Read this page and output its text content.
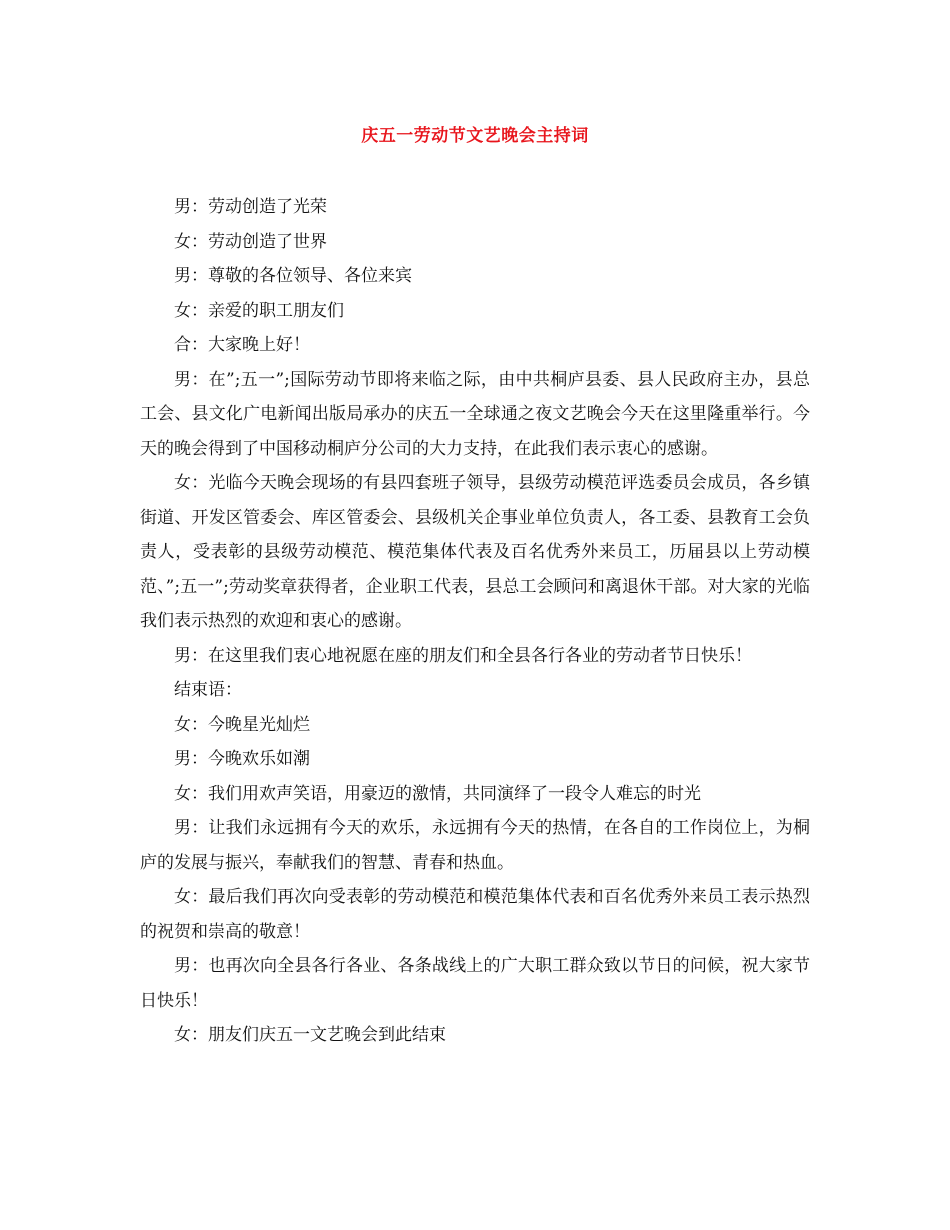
庆五一劳动节文艺晚会主持词

男：劳动创造了光荣

女：劳动创造了世界

男：尊敬的各位领导、各位来宾

女：亲爱的职工朋友们

合：大家晚上好！

男：在”;五一”;国际劳动节即将来临之际，由中共桐庐县委、县人民政府主办，县总工会、县文化广电新闻出版局承办的庆五一全球通之夜文艺晚会今天在这里隆重举行。今天的晚会得到了中国移动桐庐分公司的大力支持，在此我们表示衷心的感谢。

女：光临今天晚会现场的有县四套班子领导，县级劳动模范评选委员会成员，各乡镇街道、开发区管委会、库区管委会、县级机关企事业单位负责人，各工委、县教育工会负责人，受表彰的县级劳动模范、模范集体代表及百名优秀外来员工，历届县以上劳动模范、”;五一”;劳动奖章获得者，企业职工代表，县总工会顾问和离退休干部。对大家的光临我们表示热烈的欢迎和衷心的感谢。

男：在这里我们衷心地祝愿在座的朋友们和全县各行各业的劳动者节日快乐！

结束语：

女：今晚星光灿烂

男：今晚欢乐如潮

女：我们用欢声笑语，用豪迈的激情，共同演绎了一段令人难忘的时光

男：让我们永远拥有今天的欢乐，永远拥有今天的热情，在各自的工作岗位上，为桐庐的发展与振兴，奉献我们的智慧、青春和热血。

女：最后我们再次向受表彰的劳动模范和模范集体代表和百名优秀外来员工表示热烈的祝贺和崇高的敬意！

男：也再次向全县各行各业、各条战线上的广大职工群众致以节日的问候，祝大家节日快乐！

女：朋友们庆五一文艺晚会到此结束
